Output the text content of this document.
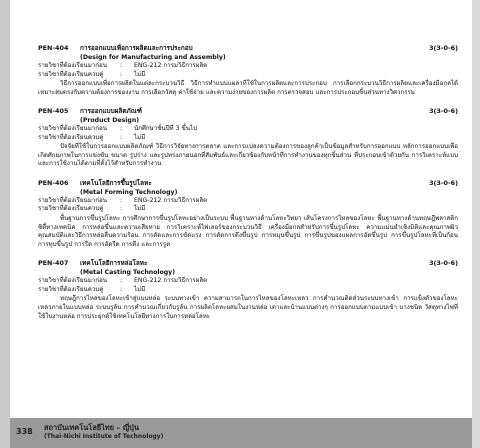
PEN-404	การออกแบบเพื่อการผลิตและการประกอบ	3(3-0-6)
(Design for Manufacturing and Assembly)
รายวิชาที่ต้องเรียนมาก่อน	:	ENG-212 การมวิธีการผลิต
รายวิชาที่ต้องเรียนควบคู่	:	ไม่มี
วิธีการออกแบบเพื่อการผลิตในแต่ละกระบวนวิธี วิธีการทำแบบแผลาที่ใช้ในการผลิตและการประกอบ การเลือกกระบวนวิธีการผลิตและเครื่องมือกลได้เหมาะสมตรงกับความต้องการของงาน การเลือกวัสดุ ค่าใช้จ่าย และความง่ายของการผลิต การตรวจสอบ และการประกอบชิ้นส่วนทางวิศวกรรม
PEN-405	การออกแบบผลิตภัณฑ์	3(3-0-6)
(Product Design)
รายวิชาที่ต้องเรียนมาก่อน	:	นักศึกษาชั้นปีที่ 3 ขึ้นไป
รายวิชาที่ต้องเรียนควบคู่	:	ไม่มี
ปัจจัยที่ใช้ในการออกแบบผลิตภัณฑ์ วิธีการวิจัยทางการตลาด และการแปลงความต้องการของลูกค้าเป็นข้อมูลสำหรับการออกแบบ หลักการออกแบบเพื่อเกิดศักยภาพในการแข่งขัน ขนาด รูปร่าง และรูปทรงภายนอกที่สัมพันธ์และเกี่ยวข้องกับหน้าที่การทำงานของทุกชิ้นส่วน ที่ประกอบเข้าด้วยกัน การวิเคราะห์แบบและการใช้งานได้ตามที่ตั้งไว้สำหรับการทำงาน
PEN-406	เทคโนโลยีการขึ้นรูปโลหะ	3(3-0-6)
(Metal Forming Technology)
รายวิชาที่ต้องเรียนมาก่อน	:	ENG-212 การมวิธีการผลิต
รายวิชาที่ต้องเรียนควบคู่	:	ไม่มี
พื้นฐานการขึ้นรูปโลหะ การศึกษาการขึ้นรูปโลหะอย่างเป็นระบบ พื้นฐานทางด้านโลหะวิทยา เส้นโครงการไหลของโลหะ พื้นฐานทางด้านทฤษฎีพลาสติกซิตี้ทางเทคนิค การหล่อขึ้นและความเสียหาย การวิเคราะห์ไฟเลอร์ของกระบวนวิธี เครื่องมือกลสำหรับการขึ้นรูปโลหะ ความแม่นยำเชิงมิติและคุณภาพผิว คุณสมบัติและวิธีการหล่อลื่นความร้อน การตัดและการขัดแรง การตัดการดึงขึ้นรูป การหมุนขึ้นรูป การขึ้นรูปของแผลการอัดขึ้นรูป การขึ้นรูปโลหะที่เป็นก้อน การทุบขึ้นรูป การรีด การอัดรีด การดึง และการรูด
PEN-407	เทคโนโลยีการหล่อโลหะ	3(3-0-6)
(Metal Casting Technology)
รายวิชาที่ต้องเรียนมาก่อน	:	ENG-212 การมวิธีการผลิต
รายวิชาที่ต้องเรียนควบคู่	:	ไม่มี
ทฤษฎีการไหลของโลหะเข้าสู่แบบหล่อ ระบบทางเข้า ความสามารถในการไหลของโลหะเหลว การคำนวณติดส่วนระบบทางเข้า การแข็งตัวของโลหะเหลวภายในแบบหล่อ ระบบรูล้น การคำนวณเกี่ยวกับรูล้น การผลิตโลหะผสมในงานหล่อ เตาและบ้านแบบต่างๆ การออกแบบตามแบบเข้า บางชนิด วัสดุทางไฟที่ใช้ในงานหล่อ การประยุกต์ใช้เทคโนโลยีทางการในการหล่อโลหะ
338 สถาบันเทคโนโลยีไทย – ญี่ปุ่น
(Thai-Nichi Institute of Technology)
